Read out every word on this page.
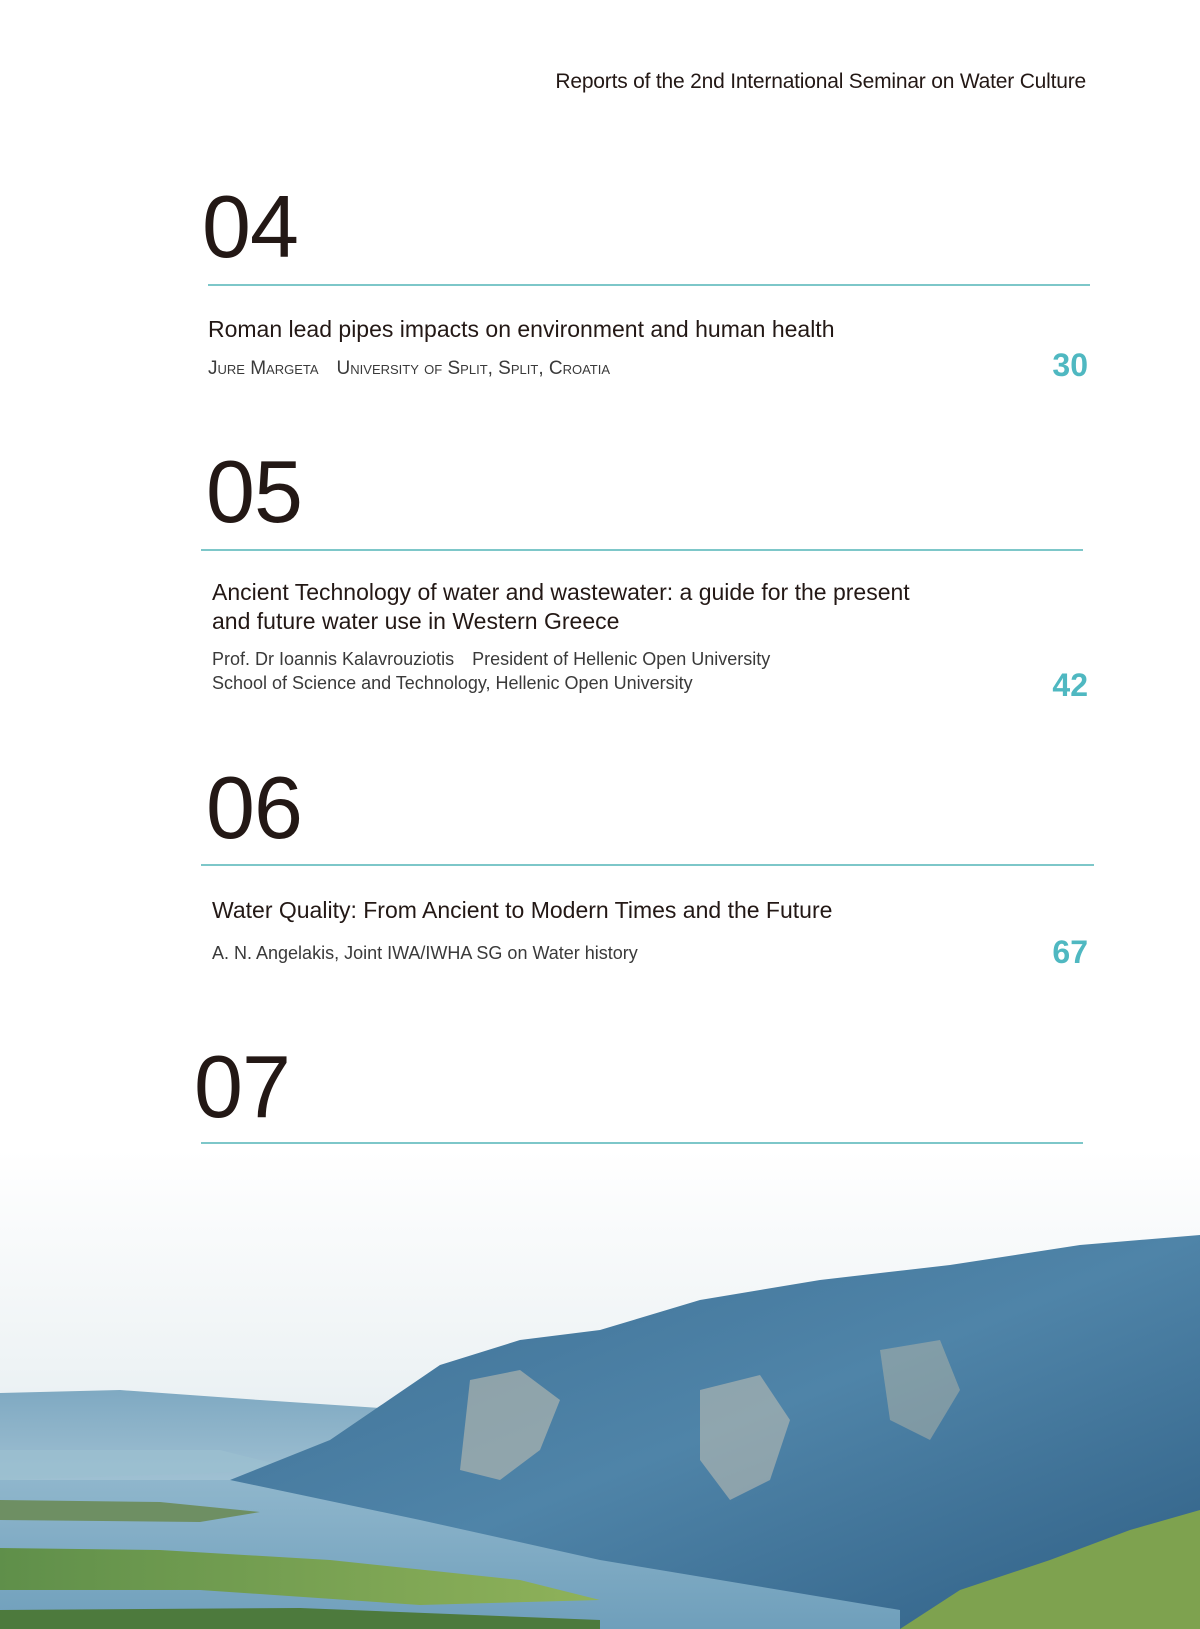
Reports of the 2nd International Seminar on Water Culture
04
Roman lead pipes impacts on environment and human health
Jure Margeta University of Split, Split, Croatia	30
05
Ancient Technology of water and wastewater: a guide for the present
and future water use in Western Greece
Prof. Dr Ioannis Kalavrouziotis President of Hellenic Open University
School of Science and Technology, Hellenic Open University	42
06
Water Quality: From Ancient to Modern Times and the Future
A. N. Angelakis, Joint IWA/IWHA SG on Water history	67
07
